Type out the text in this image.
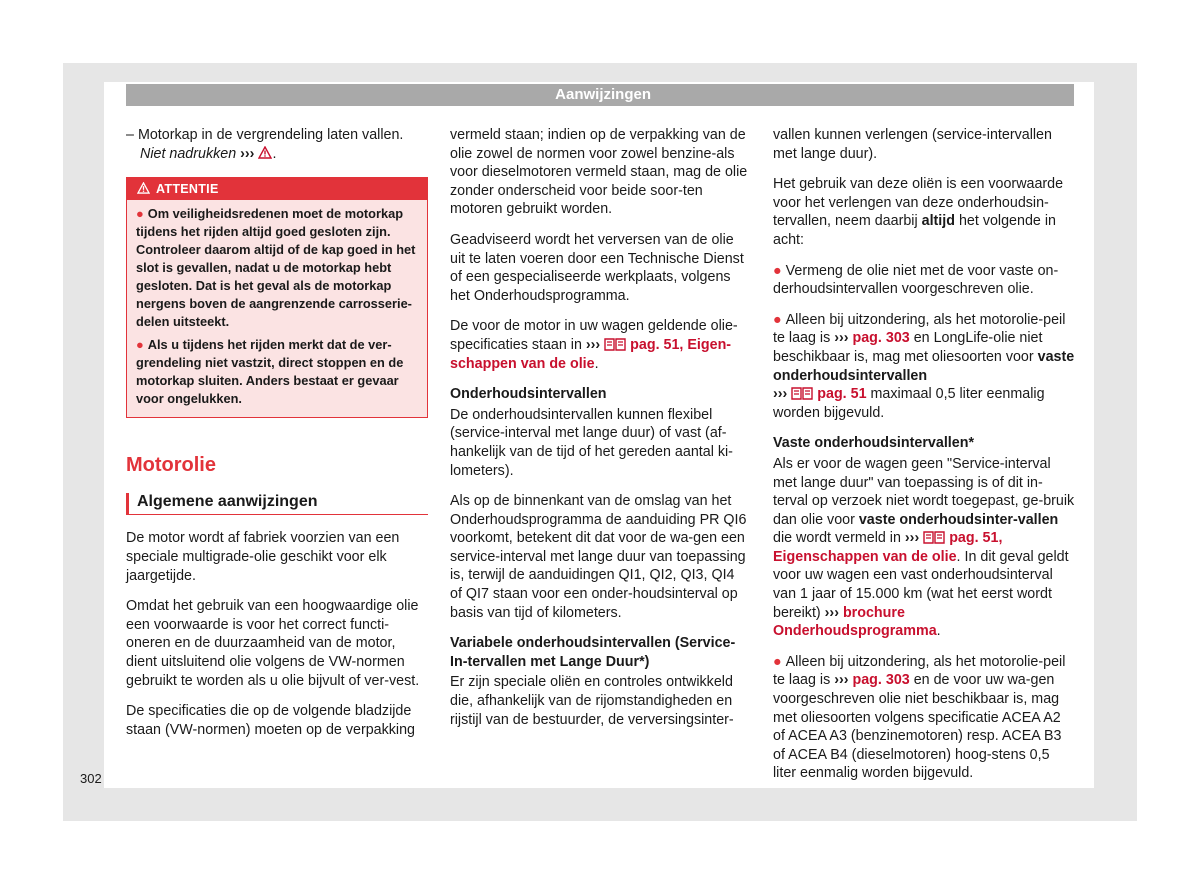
Aanwijzingen
– Motorkap in de vergrendeling laten vallen.
Niet nadrukken ››› .
ATTENTIE

● Om veiligheidsredenen moet de motorkap tijdens het rijden altijd goed gesloten zijn. Controleer daarom altijd of de kap goed in het slot is gevallen, nadat u de motorkap hebt gesloten. Dat is het geval als de motorkap nergens boven de aangrenzende carrosserie-delen uitsteekt.

● Als u tijdens het rijden merkt dat de ver-grendeling niet vastzit, direct stoppen en de motorkap sluiten. Anders bestaat er gevaar voor ongelukken.

Motorolie
Algemene aanwijzingen

De motor wordt af fabriek voorzien van een speciale multigrade-olie geschikt voor elk jaargetijde.

Omdat het gebruik van een hoogwaardige olie een voorwaarde is voor het correct functi-oneren en de duurzaamheid van de motor, dient uitsluitend olie volgens de VW-normen gebruikt te worden als u olie bijvult of ver-vest.

De specificaties die op de volgende bladzijde staan (VW-normen) moeten op de verpakking

vermeld staan; indien op de verpakking van de olie zowel de normen voor zowel benzine-als voor dieselmotoren vermeld staan, mag de olie zonder onderscheid voor beide soor-ten motoren gebruikt worden.

Geadviseerd wordt het verversen van de olie uit te laten voeren door een Technische Dienst of een gespecialiseerde werkplaats, volgens het Onderhoudsprogramma.

De voor de motor in uw wagen geldende olie-specificaties staan in ››› pag. 51, Eigen-schappen van de olie.

Onderhoudsintervallen

De onderhoudsintervallen kunnen flexibel (service-interval met lange duur) of vast (af-hankelijk van de tijd of het gereden aantal ki-lometers).

Als op de binnenkant van de omslag van het Onderhoudsprogramma de aanduiding PR QI6 voorkomt, betekent dit dat voor de wa-gen een service-interval met lange duur van toepassing is, terwijl de aanduidingen QI1, QI2, QI3, QI4 of QI7 staan voor een onder-houdsinterval op basis van tijd of kilometers.

Variabele onderhoudsintervallen (Service-In-tervallen met Lange Duur*)

Er zijn speciale oliën en controles ontwikkeld die, afhankelijk van de rijomstandigheden en rijstijl van de bestuurder, de verversingsinter-

vallen kunnen verlengen (service-intervallen met lange duur).

Het gebruik van deze oliën is een voorwaarde voor het verlengen van deze onderhoudsin-tervallen, neem daarbij altijd het volgende in acht:

● Vermeng de olie niet met de voor vaste on-derhoudsintervallen voorgeschreven olie.

● Alleen bij uitzondering, als het motorolie-peil te laag is ››› pag. 303 en LongLife-olie niet beschikbaar is, mag met oliesoorten voor vaste onderhoudsintervallen
››› pag. 51 maximaal 0,5 liter eenmalig worden bijgevuld.

Vaste onderhoudsintervallen*

Als er voor de wagen geen "Service-interval met lange duur" van toepassing is of dit in-terval op verzoek niet wordt toegepast, ge-bruik dan olie voor vaste onderhoudsinter-vallen die wordt vermeld in ››› pag. 51, Eigenschappen van de olie. In dit geval geldt voor uw wagen een vast onderhoudsinterval van 1 jaar of 15.000 km (wat het eerst wordt bereikt) ››› brochure Onderhoudsprogramma.

● Alleen bij uitzondering, als het motorolie-peil te laag is ››› pag. 303 en de voor uw wa-gen voorgeschreven olie niet beschikbaar is, mag met oliesoorten volgens specificatie ACEA A2 of ACEA A3 (benzinemotoren) resp. ACEA B3 of ACEA B4 (dieselmotoren) hoog-stens 0,5 liter eenmalig worden bijgevuld.

302
